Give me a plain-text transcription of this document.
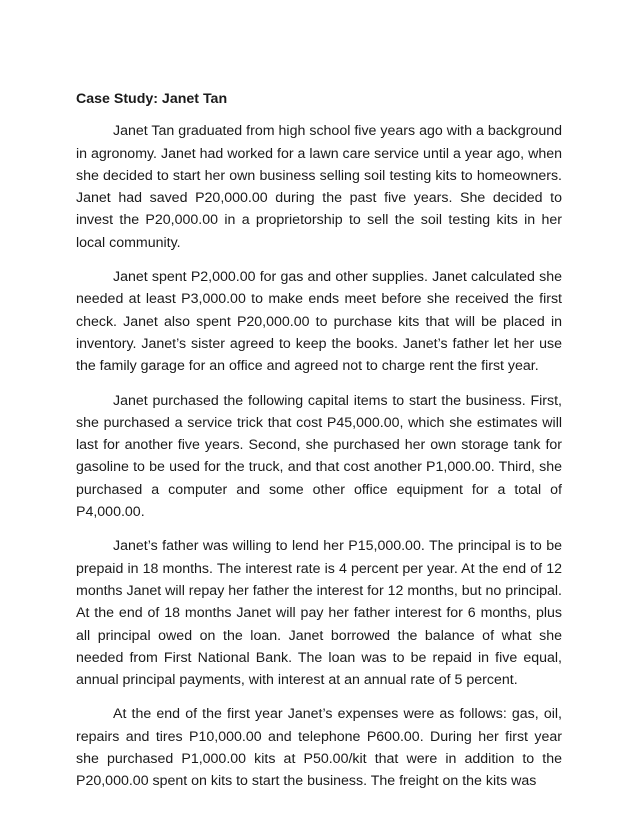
Case Study: Janet Tan

Janet Tan graduated from high school five years ago with a background in agronomy. Janet had worked for a lawn care service until a year ago, when she decided to start her own business selling soil testing kits to homeowners. Janet had saved P20,000.00 during the past five years. She decided to invest the P20,000.00 in a proprietorship to sell the soil testing kits in her local community.

Janet spent P2,000.00 for gas and other supplies. Janet calculated she needed at least P3,000.00 to make ends meet before she received the first check. Janet also spent P20,000.00 to purchase kits that will be placed in inventory. Janet’s sister agreed to keep the books. Janet’s father let her use the family garage for an office and agreed not to charge rent the first year.

Janet purchased the following capital items to start the business. First, she purchased a service trick that cost P45,000.00, which she estimates will last for another five years. Second, she purchased her own storage tank for gasoline to be used for the truck, and that cost another P1,000.00. Third, she purchased a computer and some other office equipment for a total of P4,000.00.

Janet’s father was willing to lend her P15,000.00. The principal is to be prepaid in 18 months. The interest rate is 4 percent per year. At the end of 12 months Janet will repay her father the interest for 12 months, but no principal. At the end of 18 months Janet will pay her father interest for 6 months, plus all principal owed on the loan. Janet borrowed the balance of what she needed from First National Bank. The loan was to be repaid in five equal, annual principal payments, with interest at an annual rate of 5 percent.

At the end of the first year Janet’s expenses were as follows: gas, oil, repairs and tires P10,000.00 and telephone P600.00. During her first year she purchased P1,000.00 kits at P50.00/kit that were in addition to the P20,000.00 spent on kits to start the business. The freight on the kits was
